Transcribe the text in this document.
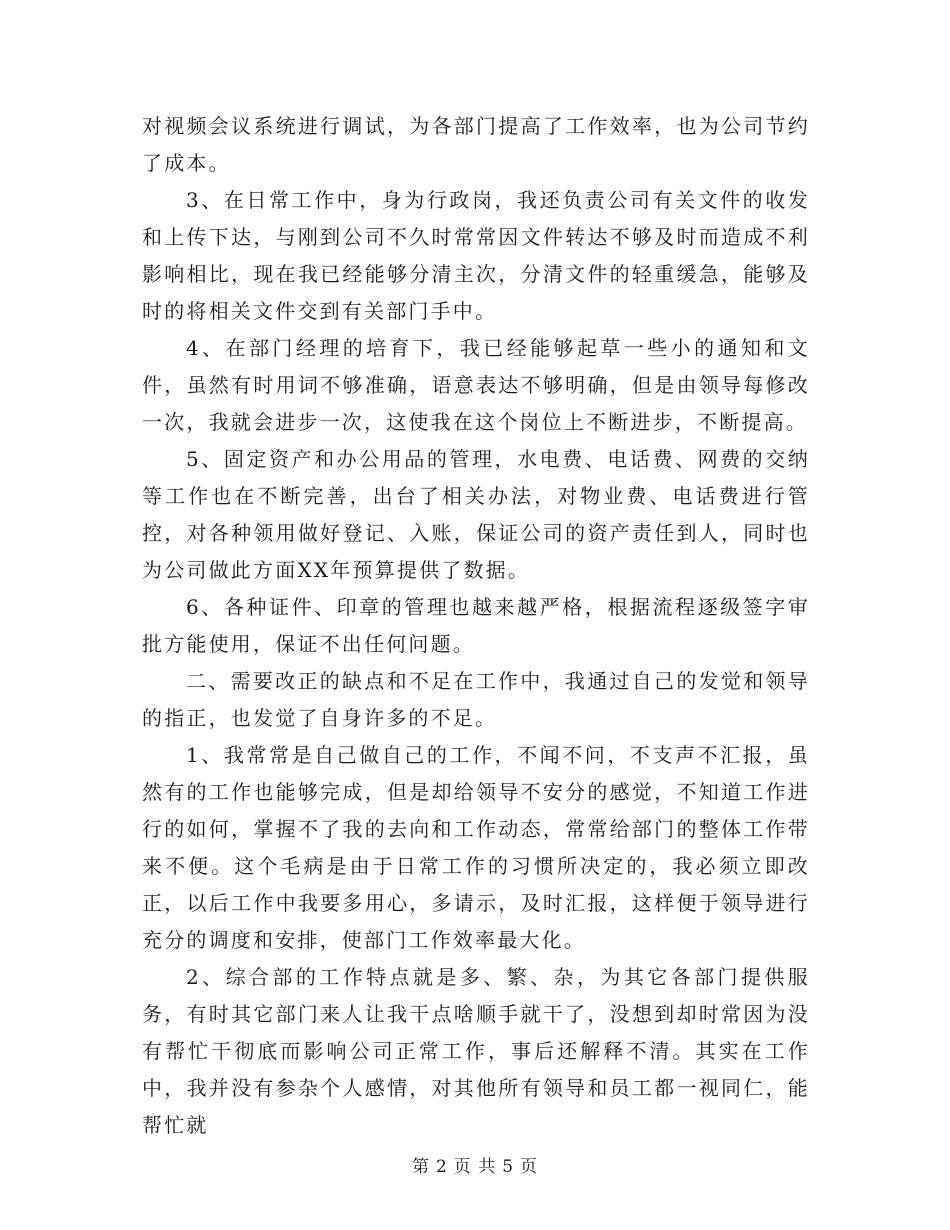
对视频会议系统进行调试，为各部门提高了工作效率，也为公司节约了成本。

3、在日常工作中，身为行政岗，我还负责公司有关文件的收发和上传下达，与刚到公司不久时常常因文件转达不够及时而造成不利影响相比，现在我已经能够分清主次，分清文件的轻重缓急，能够及时的将相关文件交到有关部门手中。

4、在部门经理的培育下，我已经能够起草一些小的通知和文件，虽然有时用词不够准确，语意表达不够明确，但是由领导每修改一次，我就会进步一次，这使我在这个岗位上不断进步，不断提高。

5、固定资产和办公用品的管理，水电费、电话费、网费的交纳等工作也在不断完善，出台了相关办法，对物业费、电话费进行管控，对各种领用做好登记、入账，保证公司的资产责任到人，同时也为公司做此方面XX年预算提供了数据。

6、各种证件、印章的管理也越来越严格，根据流程逐级签字审批方能使用，保证不出任何问题。

二、需要改正的缺点和不足在工作中，我通过自己的发觉和领导的指正，也发觉了自身许多的不足。

1、我常常是自己做自己的工作，不闻不问，不支声不汇报，虽然有的工作也能够完成，但是却给领导不安分的感觉，不知道工作进行的如何，掌握不了我的去向和工作动态，常常给部门的整体工作带来不便。这个毛病是由于日常工作的习惯所决定的，我必须立即改正，以后工作中我要多用心，多请示，及时汇报，这样便于领导进行充分的调度和安排，使部门工作效率最大化。

2、综合部的工作特点就是多、繁、杂，为其它各部门提供服务，有时其它部门来人让我干点啥顺手就干了，没想到却时常因为没有帮忙干彻底而影响公司正常工作，事后还解释不清。其实在工作中，我并没有参杂个人感情，对其他所有领导和员工都一视同仁，能帮忙就

第 2 页 共 5 页
